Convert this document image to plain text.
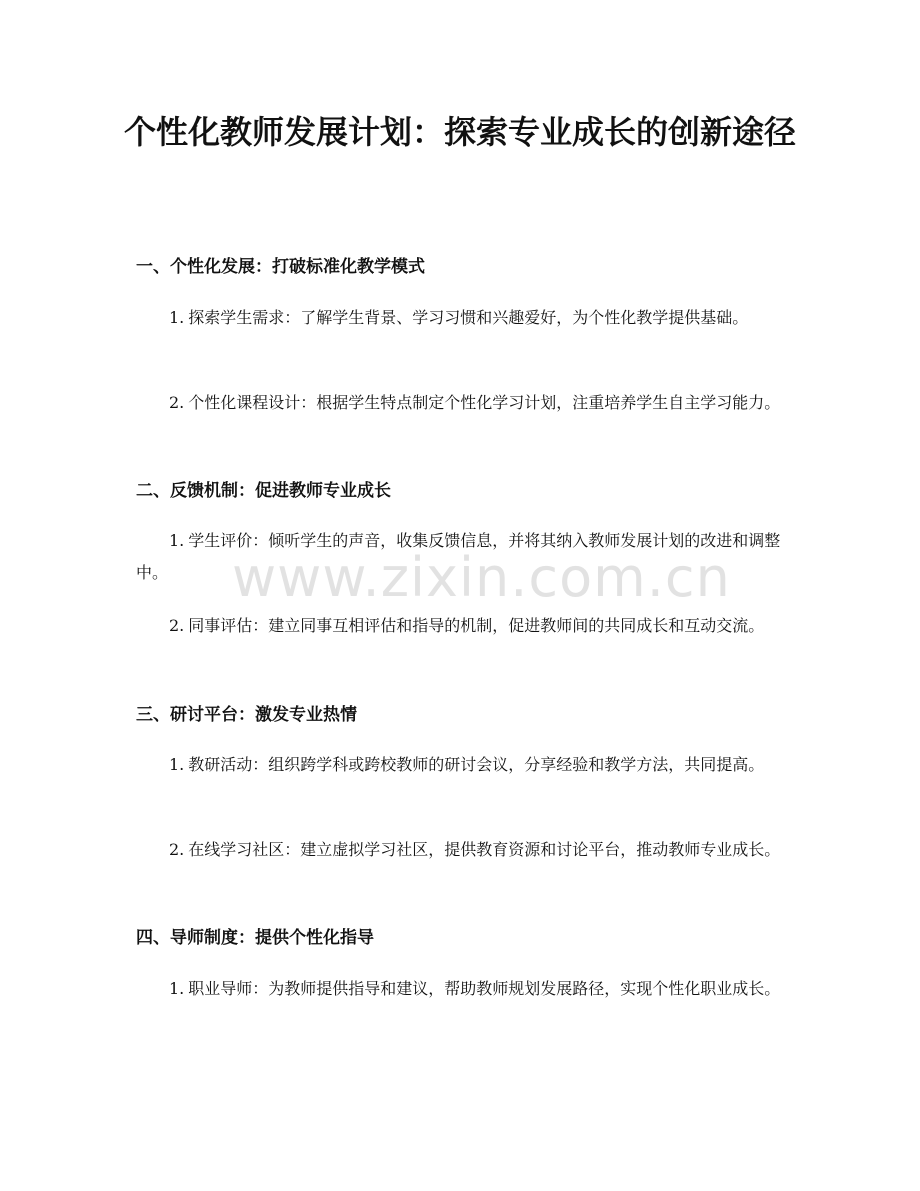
个性化教师发展计划：探索专业成长的创新途径
一、个性化发展：打破标准化教学模式

1. 探索学生需求：了解学生背景、学习习惯和兴趣爱好，为个性化教学提供基础。

2. 个性化课程设计：根据学生特点制定个性化学习计划，注重培养学生自主学习能力。

二、反馈机制：促进教师专业成长

1. 学生评价：倾听学生的声音，收集反馈信息，并将其纳入教师发展计划的改进和调整中。

2. 同事评估：建立同事互相评估和指导的机制，促进教师间的共同成长和互动交流。

三、研讨平台：激发专业热情

1. 教研活动：组织跨学科或跨校教师的研讨会议，分享经验和教学方法，共同提高。

2. 在线学习社区：建立虚拟学习社区，提供教育资源和讨论平台，推动教师专业成长。

四、导师制度：提供个性化指导

1. 职业导师：为教师提供指导和建议，帮助教师规划发展路径，实现个性化职业成长。

www.zixin.com.cn
